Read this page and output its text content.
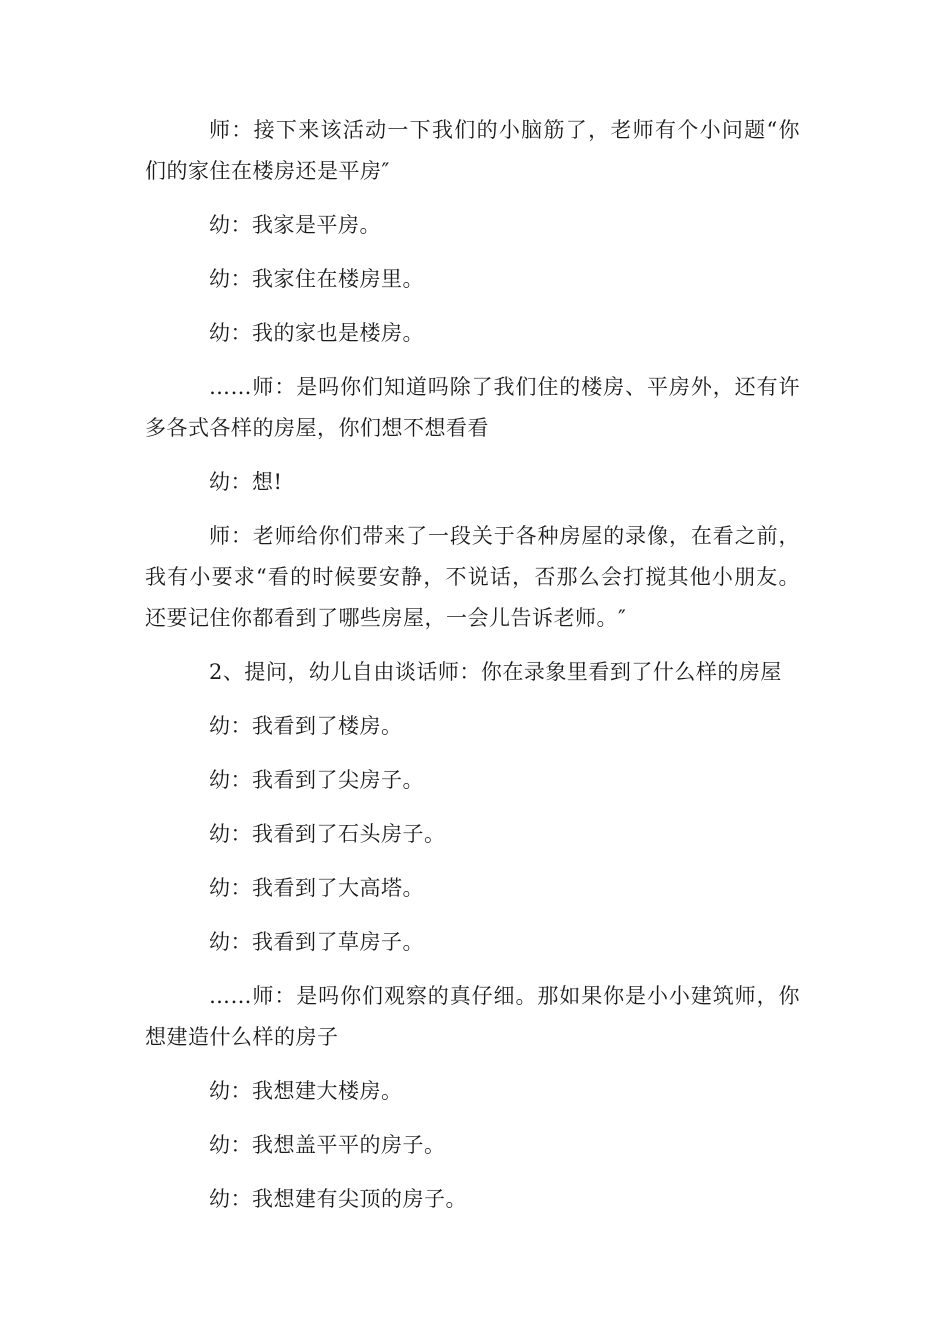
师：接下来该活动一下我们的小脑筋了，老师有个小问题“你们的家住在楼房还是平房″

幼：我家是平房。

幼：我家住在楼房里。

幼：我的家也是楼房。

……师：是吗你们知道吗除了我们住的楼房、平房外，还有许多各式各样的房屋，你们想不想看看

幼：想!

师：老师给你们带来了一段关于各种房屋的录像，在看之前，我有小要求“看的时候要安静，不说话，否那么会打搅其他小朋友。还要记住你都看到了哪些房屋，一会儿告诉老师。″

2、提问，幼儿自由谈话师：你在录象里看到了什么样的房屋

幼：我看到了楼房。

幼：我看到了尖房子。

幼：我看到了石头房子。

幼：我看到了大高塔。

幼：我看到了草房子。

……师：是吗你们观察的真仔细。那如果你是小小建筑师，你想建造什么样的房子

幼：我想建大楼房。

幼：我想盖平平的房子。

幼：我想建有尖顶的房子。
